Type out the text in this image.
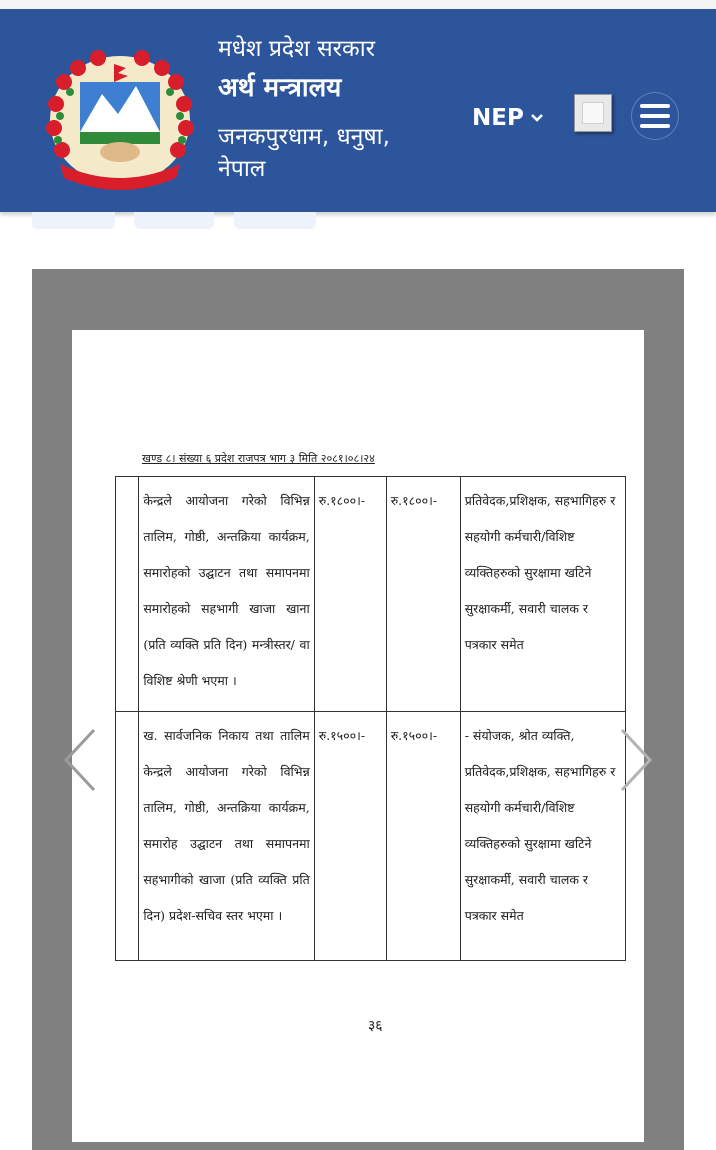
मधेश प्रदेश सरकार
अर्थ मन्त्रालय
जनकपुरधाम, धनुषा, नेपाल
NEP
खण्ड ८। संख्या ६ प्रदेश राजपत्र भाग ३ मिति २०८१।०८।२४
	केन्द्रले आयोजना गरेको विभिन्न तालिम, गोष्ठी, अन्तक्रिया कार्यक्रम, समारोहको उद्घाटन तथा समापनमा समारोहको सहभागी खाजा खाना (प्रति व्यक्ति प्रति दिन) मन्त्रीस्तर/ वा विशिष्ट श्रेणी भएमा ।	रु.१८००।-	रु.१८००।-	प्रतिवेदक,प्रशिक्षक, सहभागिहरु र सहयोगी कर्मचारी/विशिष्ट व्यक्तिहरुको सुरक्षामा खटिने सुरक्षाकर्मी, सवारी चालक र पत्रकार समेत
	ख. सार्वजनिक निकाय तथा तालिम केन्द्रले आयोजना गरेको विभिन्न तालिम, गोष्ठी, अन्तक्रिया कार्यक्रम, समारोह उद्घाटन तथा समापनमा सहभागीको खाजा (प्रति व्यक्ति प्रति दिन) प्रदेश-सचिव स्तर भएमा ।	रु.१५००।-	रु.१५००।-	- संयोजक, श्रोत व्यक्ति, प्रतिवेदक,प्रशिक्षक, सहभागिहरु र सहयोगी कर्मचारी/विशिष्ट व्यक्तिहरुको सुरक्षामा खटिने सुरक्षाकर्मी, सवारी चालक र पत्रकार समेत
३६
